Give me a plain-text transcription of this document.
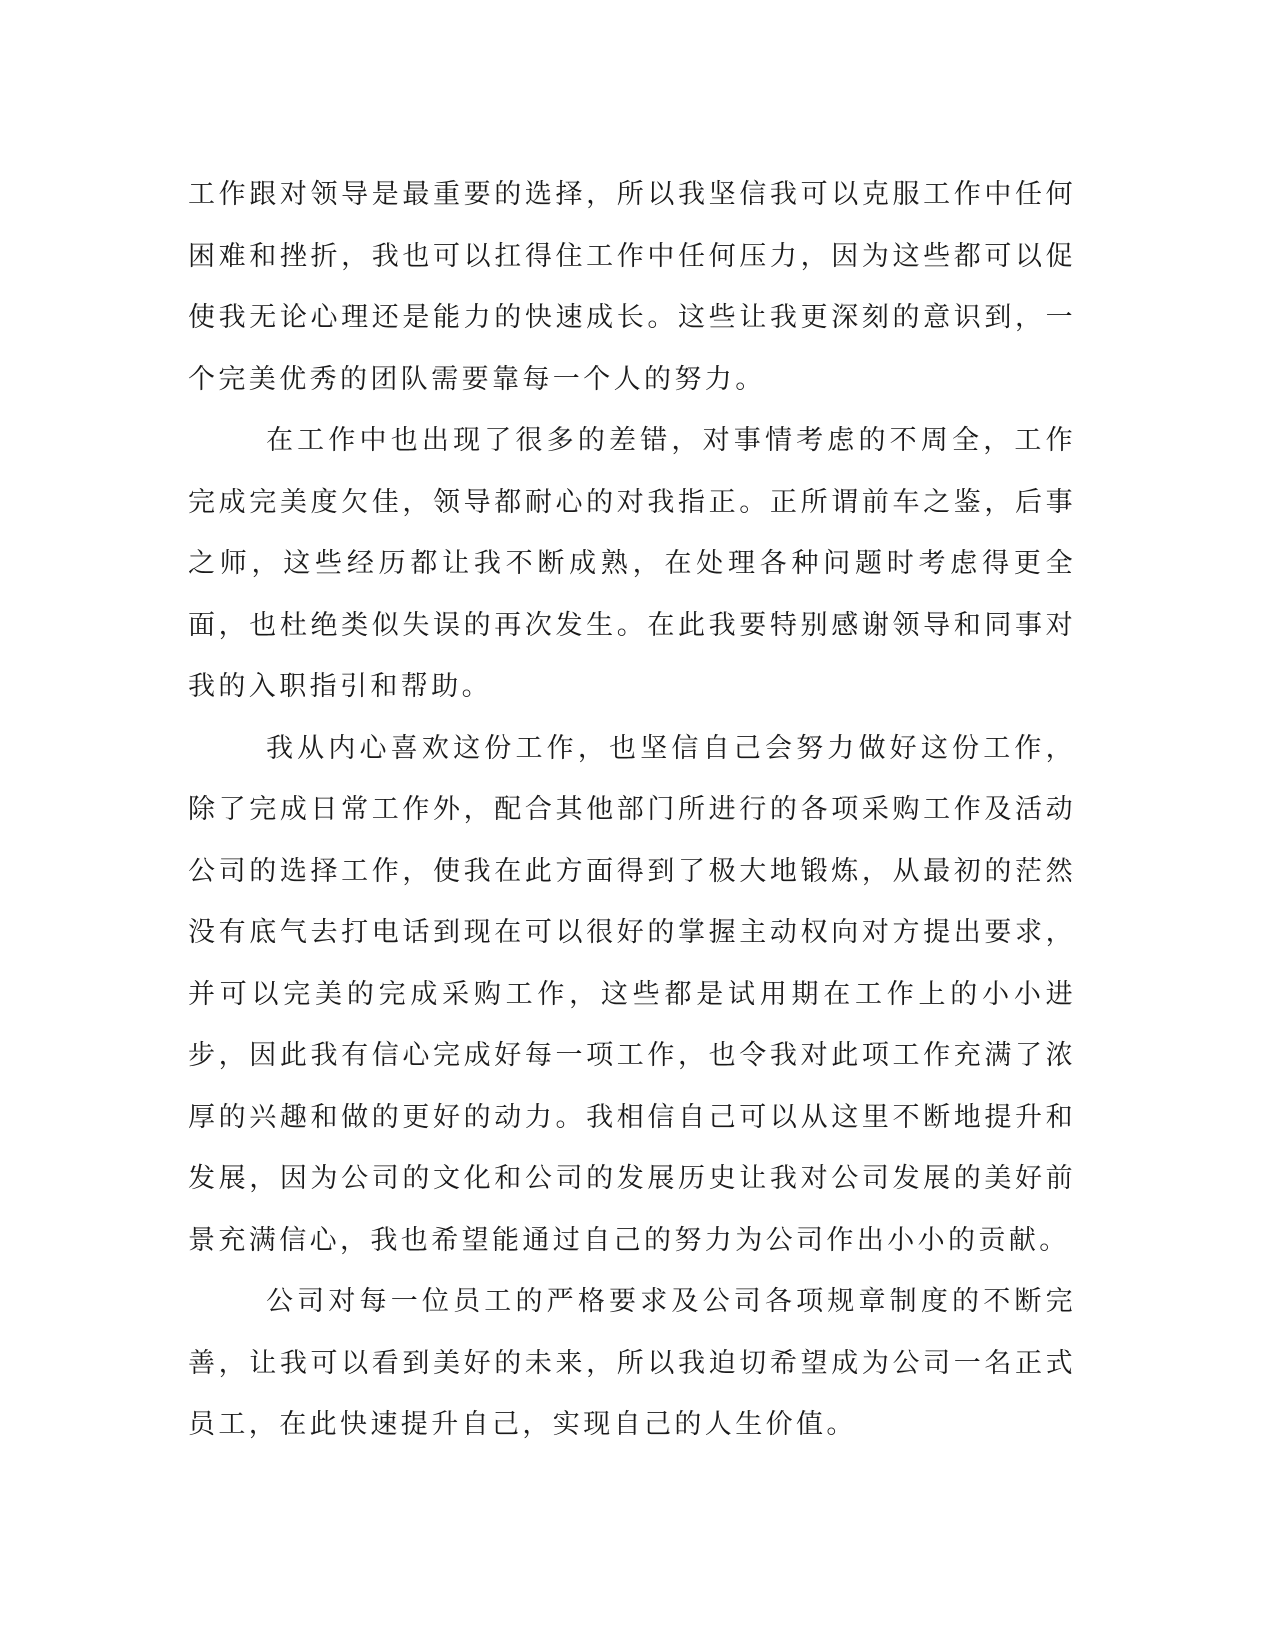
工作跟对领导是最重要的选择，所以我坚信我可以克服工作中任何困难和挫折，我也可以扛得住工作中任何压力，因为这些都可以促使我无论心理还是能力的快速成长。这些让我更深刻的意识到，一个完美优秀的团队需要靠每一个人的努力。

在工作中也出现了很多的差错，对事情考虑的不周全，工作完成完美度欠佳，领导都耐心的对我指正。正所谓前车之鉴，后事之师，这些经历都让我不断成熟，在处理各种问题时考虑得更全面，也杜绝类似失误的再次发生。在此我要特别感谢领导和同事对我的入职指引和帮助。

我从内心喜欢这份工作，也坚信自己会努力做好这份工作，除了完成日常工作外，配合其他部门所进行的各项采购工作及活动公司的选择工作，使我在此方面得到了极大地锻炼，从最初的茫然没有底气去打电话到现在可以很好的掌握主动权向对方提出要求，并可以完美的完成采购工作，这些都是试用期在工作上的小小进步，因此我有信心完成好每一项工作，也令我对此项工作充满了浓厚的兴趣和做的更好的动力。我相信自己可以从这里不断地提升和发展，因为公司的文化和公司的发展历史让我对公司发展的美好前景充满信心，我也希望能通过自己的努力为公司作出小小的贡献。

公司对每一位员工的严格要求及公司各项规章制度的不断完善，让我可以看到美好的未来，所以我迫切希望成为公司一名正式员工，在此快速提升自己，实现自己的人生价值。
